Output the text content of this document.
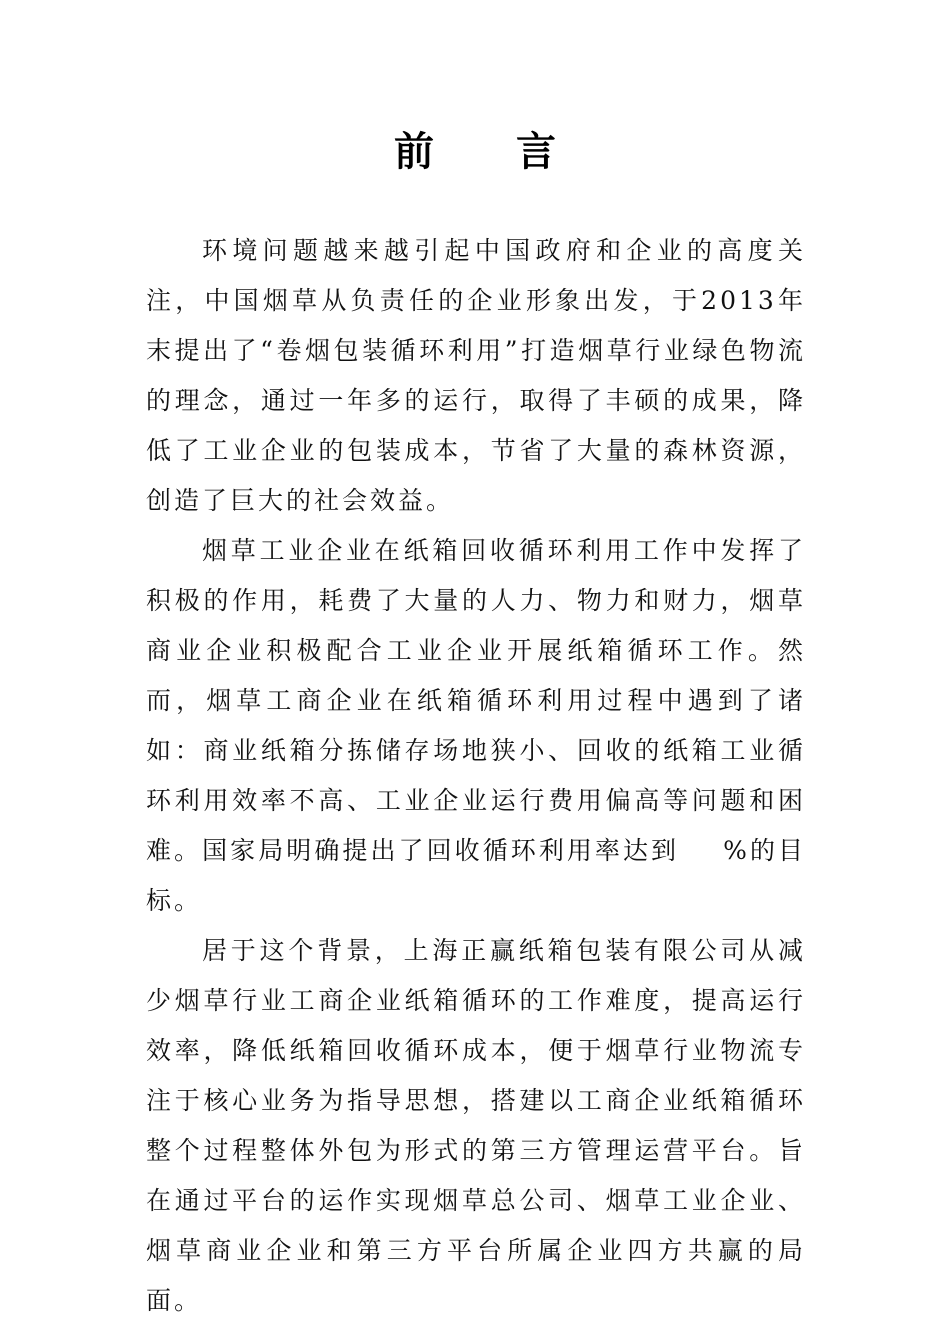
前 言

环境问题越来越引起中国政府和企业的高度关注，中国烟草从负责任的企业形象出发，于2013年末提出了“卷烟包装循环利用”打造烟草行业绿色物流的理念，通过一年多的运行，取得了丰硕的成果，降低了工业企业的包装成本，节省了大量的森林资源，创造了巨大的社会效益。

烟草工业企业在纸箱回收循环利用工作中发挥了积极的作用，耗费了大量的人力、物力和财力，烟草商业企业积极配合工业企业开展纸箱循环工作。然而，烟草工商企业在纸箱循环利用过程中遇到了诸如：商业纸箱分拣储存场地狭小、回收的纸箱工业循环利用效率不高、工业企业运行费用偏高等问题和困难。国家局明确提出了回收循环利用率达到    %的目标。

居于这个背景，上海正赢纸箱包装有限公司从减少烟草行业工商企业纸箱循环的工作难度，提高运行效率，降低纸箱回收循环成本，便于烟草行业物流专注于核心业务为指导思想，搭建以工商企业纸箱循环整个过程整体外包为形式的第三方管理运营平台。旨在通过平台的运作实现烟草总公司、烟草工业企业、烟草商业企业和第三方平台所属企业四方共赢的局面。
